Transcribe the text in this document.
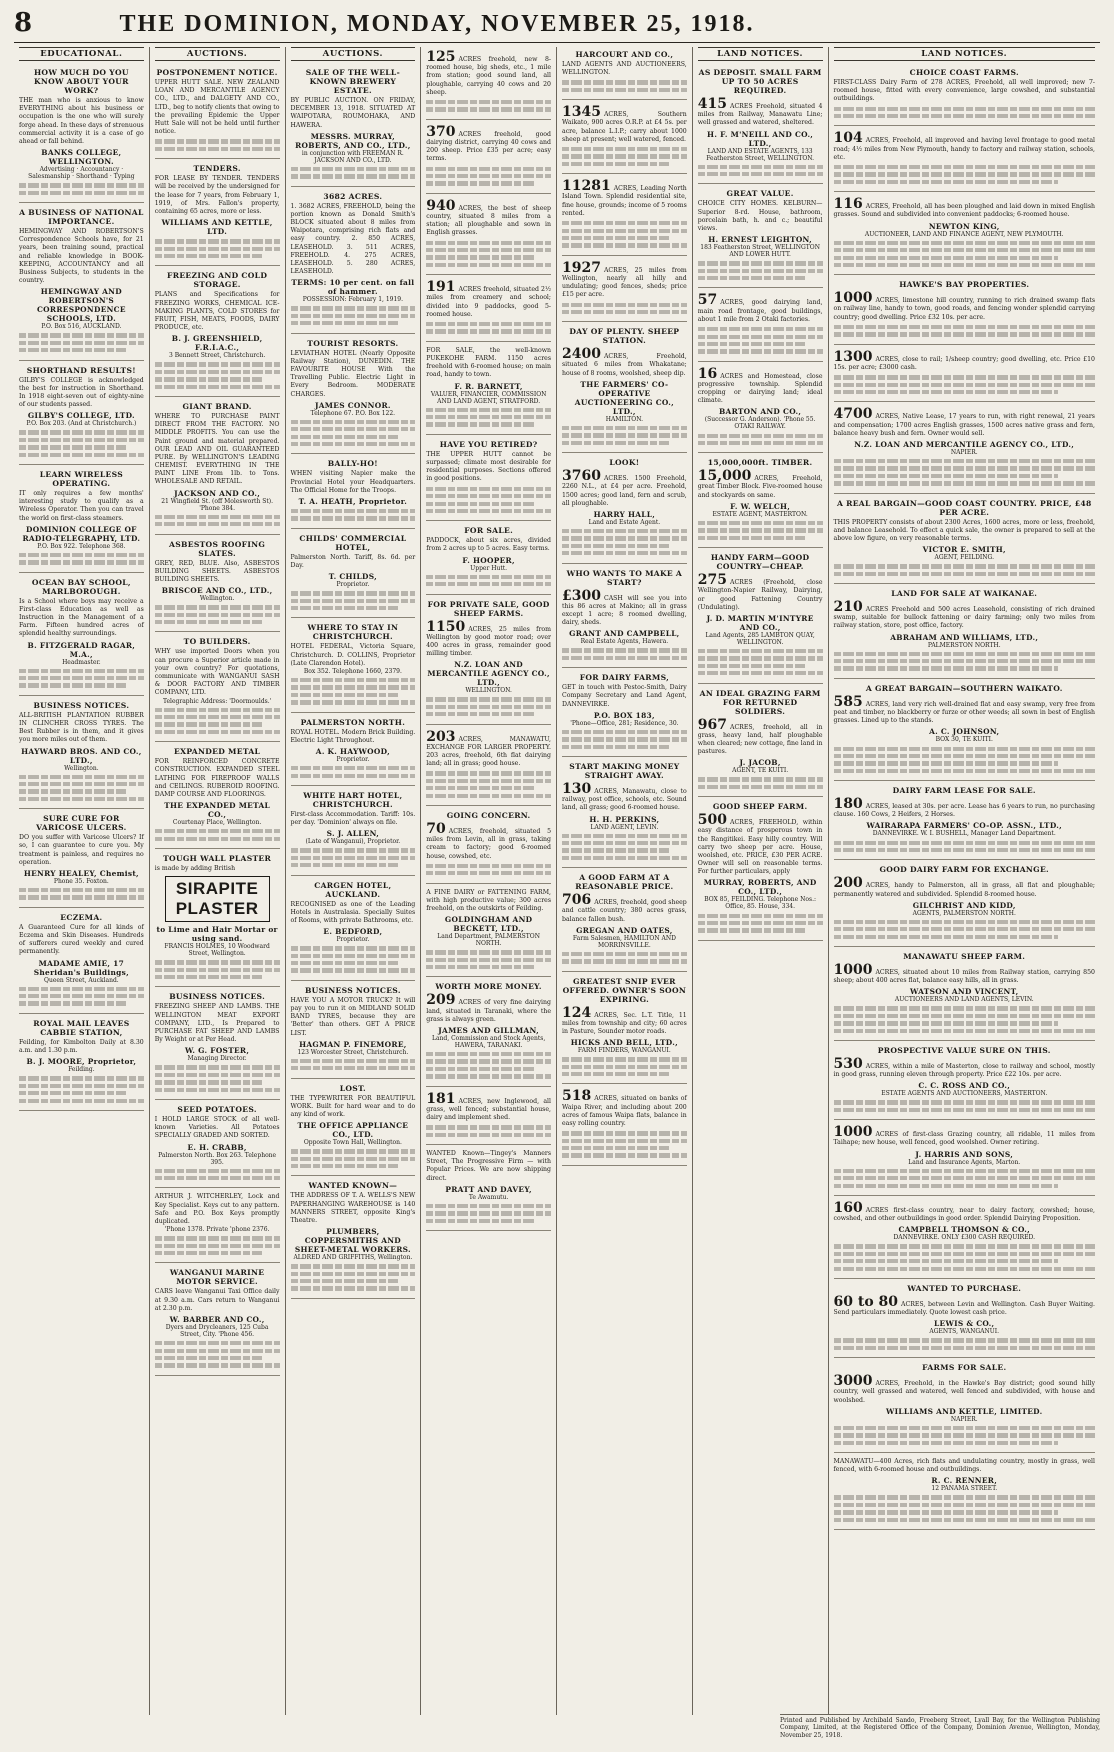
8	THE DOMINION, MONDAY, NOVEMBER 25, 1918.
EDUCATIONAL.
HOW MUCH DO YOU KNOW ABOUT YOUR WORK?

THE man who is anxious to know EVERYTHING about his business or occupation is the one who will surely forge ahead. In these days of strenuous commercial activity it is a case of go ahead or fall behind.

BANKS COLLEGE, WELLINGTON.
Advertising · Accountancy · Salesmanship · Shorthand · Typing
A BUSINESS OF NATIONAL IMPORTANCE.

HEMINGWAY AND ROBERTSON'S Correspondence Schools have, for 21 years, been training sound, practical and reliable knowledge in BOOK-KEEPING, ACCOUNTANCY and all Business Subjects, to students in the country.

HEMINGWAY AND ROBERTSON'S CORRESPONDENCE SCHOOLS, LTD.
P.O. Box 516, AUCKLAND.
SHORTHAND RESULTS!

GILBY'S COLLEGE is acknowledged the best for instruction in Shorthand. In 1918 eight-seven out of eighty-nine of our students passed.

GILBY'S COLLEGE, LTD.
P.O. Box 203. (And at Christchurch.)
LEARN WIRELESS OPERATING.

IT only requires a few months' interesting study to qualify as a Wireless Operator. Then you can travel the world on first-class steamers.

DOMINION COLLEGE OF RADIO-TELEGRAPHY, LTD.
P.O. Box 922. Telephone 368.
OCEAN BAY SCHOOL, MARLBOROUGH.

Is a School where boys may receive a First-class Education as well as Instruction in the Management of a Farm. Fifteen hundred acres of splendid healthy surroundings.

B. FITZGERALD RAGAR, M.A.,
Headmaster.
BUSINESS NOTICES.

ALL-BRITISH PLANTATION RUBBER IN CLINCHER CROSS TYRES. The Best Rubber is in them, and it gives you more miles out of them.

HAYWARD BROS. AND CO., LTD.,
Wellington.
SURE CURE FOR VARICOSE ULCERS.

DO you suffer with Varicose Ulcers? If so, I can guarantee to cure you. My treatment is painless, and requires no operation.

HENRY HEALEY, Chemist,
Phone 35. Foxton.
ECZEMA.

A Guaranteed Cure for all kinds of Eczema and Skin Diseases. Hundreds of sufferers cured weekly and cured permanently.

MADAME AMIE, 17 Sheridan's Buildings,
Queen Street, Auckland.
ROYAL MAIL LEAVES CABBIE STATION,

Feilding, for Kimbolton Daily at 8.30 a.m. and 1.30 p.m.

B. J. MOORE, Proprietor,
Feilding.
AUCTIONS.
POSTPONEMENT NOTICE.

UPPER HUTT SALE. NEW ZEALAND LOAN AND MERCANTILE AGENCY CO., LTD., and DALGETY AND CO., LTD., beg to notify clients that owing to the prevailing Epidemic the Upper Hutt Sale will not be held until further notice.

TENDERS.

FOR LEASE BY TENDER. TENDERS will be received by the undersigned for the lease for 7 years, from February 1, 1919, of Mrs. Fallon's property, containing 65 acres, more or less.

WILLIAMS AND KETTLE, LTD.
FREEZING AND COLD STORAGE.

PLANS and Specifications for FREEZING WORKS, CHEMICAL ICE-MAKING PLANTS, COLD STORES for FRUIT, FISH, MEATS, FOODS, DAIRY PRODUCE, etc.

B. J. GREENSHIELD, F.R.I.A.C.,
3 Bennett Street, Christchurch.
GIANT BRAND.

WHERE TO PURCHASE PAINT DIRECT FROM THE FACTORY. NO MIDDLE PROFITS. You can use the Paint ground and material prepared. OUR LEAD AND OIL GUARANTEED PURE. By WELLINGTON'S LEADING CHEMIST. EVERYTHING IN THE PAINT LINE From 1lb. to Tons. WHOLESALE AND RETAIL.

JACKSON AND CO.,
21 Wingfield St. (off Molesworth St). 'Phone 384.
ASBESTOS ROOFING SLATES.

GREY, RED, BLUE. Also, ASBESTOS BUILDING SHEETS. ASBESTOS BUILDING SHEETS.

BRISCOE AND CO., LTD.,
Wellington.
TO BUILDERS.

WHY use imported Doors when you can procure a Superior article made in your own country? For quotations, communicate with WANGANUI SASH & DOOR FACTORY AND TIMBER COMPANY, LTD.

Telegraphic Address: 'Doormoulds.'
EXPANDED METAL

FOR REINFORCED CONCRETE CONSTRUCTION. EXPANDED STEEL LATHING FOR FIREPROOF WALLS and CEILINGS. RUBEROID ROOFING. DAMP COURSE AND FLOORINGS.

THE EXPANDED METAL CO.,
Courtenay Place, Wellington.
TOUGH WALL PLASTER

is made by adding British

SIRAPITE PLASTER
to Lime and Hair Mortar or using sand.
FRANCIS HOLMES, 10 Woodward Street, Wellington.
BUSINESS NOTICES.

FREEZING SHEEP AND LAMBS. THE WELLINGTON MEAT EXPORT COMPANY, LTD., Is Prepared to PURCHASE FAT SHEEP AND LAMBS By Weight or at Per Head.

W. G. FOSTER,
Managing Director.
SEED POTATOES.

I HOLD LARGE STOCK of all well-known Varieties. All Potatoes SPECIALLY GRADED AND SORTED.

E. H. CRABB,
Palmerston North. Box 263. Telephone 395.

ARTHUR J. WITCHERLEY, Lock and Key Specialist. Keys cut to any pattern. Safe and P.O. Box Keys promptly duplicated.

'Phone 1378. Private 'phone 2376.
WANGANUI MARINE MOTOR SERVICE.

CARS leave Wanganui Taxi Office daily at 9.30 a.m. Cars return to Wanganui at 2.30 p.m.

W. BARBER AND CO.,
Dyers and Drycleaners, 125 Cuba Street, City. 'Phone 456.
AUCTIONS.
SALE OF THE WELL-KNOWN BREWERY ESTATE.

BY PUBLIC AUCTION. ON FRIDAY, DECEMBER 13, 1918. SITUATED AT WAIPOTARA, ROUMOHAKA, AND HAWERA.

MESSRS. MURRAY, ROBERTS, AND CO., LTD.,
in conjunction with FREEMAN R. JACKSON AND CO., LTD.
3682 ACRES.

1. 3682 ACRES, FREEHOLD, being the portion known as Donald Smith's BLOCK situated about 8 miles from Waipotara, comprising rich flats and easy country. 2. 850 ACRES, LEASEHOLD. 3. 511 ACRES, FREEHOLD. 4. 275 ACRES, LEASEHOLD. 5. 280 ACRES, LEASEHOLD.

TERMS: 10 per cent. on fall of hammer.
POSSESSION: February 1, 1919.
TOURIST RESORTS.

LEVIATHAN HOTEL (Nearly Opposite Railway Station), DUNEDIN. THE FAVOURITE HOUSE With the Travelling Public. Electric Light in Every Bedroom. MODERATE CHARGES.

JAMES CONNOR.
Telephone 67. P.O. Box 122.
BALLY-HO!

WHEN visiting Napier make the Provincial Hotel your Headquarters. The Official Home for the Troops.

T. A. HEATH, Proprietor.
CHILDS' COMMERCIAL HOTEL,

Palmerston North. Tariff, 8s. 6d. per Day.

T. CHILDS,
Proprietor.
WHERE TO STAY IN CHRISTCHURCH.

HOTEL FEDERAL, Victoria Square, Christchurch. D. COLLINS, Proprietor (Late Clarendon Hotel).

Box 352. Telephone 1660, 2379.
PALMERSTON NORTH.

ROYAL HOTEL. Modern Brick Building. Electric Light Throughout.

A. K. HAYWOOD,
Proprietor.
WHITE HART HOTEL, CHRISTCHURCH.

First-class Accommodation. Tariff: 10s. per day. 'Dominion' always on file.

S. J. ALLEN,
(Late of Wanganui), Proprietor.
CARGEN HOTEL, AUCKLAND.

RECOGNISED as one of the Leading Hotels in Australasia. Specially Suites of Rooms, with private Bathrooms, etc.

E. BEDFORD,
Proprietor.
BUSINESS NOTICES.

HAVE YOU A MOTOR TRUCK? It will pay you to run it on MIDLAND SOLID BAND TYRES, because they are 'Better' than others. GET A PRICE LIST.

HAGMAN P. FINEMORE,
123 Worcester Street, Christchurch.
LOST.

THE TYPEWRITER FOR BEAUTIFUL WORK. Built for hard wear and to do any kind of work.

THE OFFICE APPLIANCE CO., LTD.
Opposite Town Hall, Wellington.
WANTED KNOWN—

THE ADDRESS OF T. A. WELLS'S NEW PAPERHANGING WAREHOUSE is 140 MANNERS STREET, opposite King's Theatre.

PLUMBERS, COPPERSMITHS AND SHEET-METAL WORKERS.
ALDRED AND GRIFFITHS, Wellington.

125 ACRES freehold, new 8-roomed house, big sheds, etc., 1 mile from station; good sound land, all ploughable, carrying 40 cows and 20 sheep.

370 ACRES freehold, good dairying district, carrying 40 cows and 200 sheep. Price £35 per acre; easy terms.

940 ACRES, the best of sheep country, situated 8 miles from a station; all ploughable and sown in English grasses.

191 ACRES freehold, situated 2½ miles from creamery and school; divided into 9 paddocks, good 5-roomed house.

FOR SALE, the well-known PUKEKOHE FARM. 1150 acres freehold with 6-roomed house; on main road, handy to town.

F. R. BARNETT,
VALUER, FINANCIER, COMMISSION AND LAND AGENT, STRATFORD.
HAVE YOU RETIRED?

THE UPPER HUTT cannot be surpassed; climate most desirable for residential purposes. Sections offered in good positions.

FOR SALE.

PADDOCK, about six acres, divided from 2 acres up to 5 acres. Easy terms.

F. HOOPER,
Upper Hutt.
FOR PRIVATE SALE, GOOD SHEEP FARMS.

1150 ACRES, 25 miles from Wellington by good motor road; over 400 acres in grass, remainder good milling timber.

N.Z. LOAN AND MERCANTILE AGENCY CO., LTD.,
WELLINGTON.

203 ACRES, MANAWATU, EXCHANGE FOR LARGER PROPERTY. 203 acres, freehold, 6th flat dairying land; all in grass; good house.

GOING CONCERN.

70 ACRES, freehold, situated 5 miles from Levin, all in grass, taking cream to factory; good 6-roomed house, cowshed, etc.

A FINE DAIRY or FATTENING FARM, with high productive value; 300 acres freehold, on the outskirts of Feilding.

GOLDINGHAM AND BECKETT, LTD.,
Land Department, PALMERSTON NORTH.
WORTH MORE MONEY.

209 ACRES of very fine dairying land, situated in Taranaki, where the grass is always green.

JAMES AND GILLMAN,
Land, Commission and Stock Agents, HAWERA, TARANAKI.

181 ACRES, new Inglewood, all grass, well fenced; substantial house, dairy and implement shed.

WANTED Known—Tingey's Manners Street, The Progressive Firm — with Popular Prices. We are now shipping direct.

PRATT AND DAVEY,
Te Awamutu.
HARCOURT AND CO.,

LAND AGENTS AND AUCTIONEERS, WELLINGTON.

1345 ACRES, Southern Waikato, 900 acres O.R.P. at £4 5s. per acre, balance L.I.P.; carry about 1000 sheep at present; well watered, fenced.

11281 ACRES, Leading North Island Town. Splendid residential site, fine house, grounds; income of 5 rooms rented.

1927 ACRES, 25 miles from Wellington, nearly all hilly and undulating; good fences, sheds; price £15 per acre.

DAY OF PLENTY. SHEEP STATION.

2400 ACRES, Freehold, situated 6 miles from Whakatane; house of 8 rooms, woolshed, sheep dip.

THE FARMERS' CO-OPERATIVE AUCTIONEERING CO., LTD.,
HAMILTON.
LOOK!

3760 ACRES. 1500 Freehold, 2260 N.L., at £4 per acre. Freehold, 1500 acres; good land, fern and scrub, all ploughable.

HARRY HALL,
Land and Estate Agent.
WHO WANTS TO MAKE A START?

£300 CASH will see you into this 86 acres at Makino; all in grass except 1 acre; 8 roomed dwelling, dairy, sheds.

GRANT AND CAMPBELL,
Real Estate Agents, Hawera.
FOR DAIRY FARMS,

GET in touch with Pestoc-Smith, Dairy Company Secretary and Land Agent, DANNEVIRKE.

P.O. BOX 183,
'Phone—Office, 281; Residence, 30.
START MAKING MONEY STRAIGHT AWAY.

130 ACRES, Manawatu, close to railway, post office, schools, etc. Sound land, all grass; good 6-roomed house.

H. H. PERKINS,
LAND AGENT, LEVIN.
A GOOD FARM AT A REASONABLE PRICE.

706 ACRES, freehold, good sheep and cattle country; 380 acres grass, balance fallen bush.

GREGAN AND OATES,
Farm Salesmen, HAMILTON AND MORRINSVILLE.
GREATEST SNIP EVER OFFERED. OWNER'S SOON EXPIRING.

124 ACRES, Sec. L.T. Title, 11 miles from township and city; 60 acres in Pasture, Sounder motor roads.

HICKS AND BELL, LTD.,
FARM FINDERS, WANGANUI.

518 ACRES, situated on banks of Waipa River, and including about 200 acres of famous Waipa flats, balance in easy rolling country.

LAND NOTICES.
AS DEPOSIT. SMALL FARM UP TO 50 ACRES REQUIRED.

415 ACRES Freehold, situated 4 miles from Railway, Manawatu Line; well grassed and watered, sheltered.

H. F. M'NEILL AND CO., LTD.,
LAND AND ESTATE AGENTS, 133 Featherston Street, WELLINGTON.
GREAT VALUE.

CHOICE CITY HOMES. KELBURN—Superior 8-rd. House, bathroom, porcelain bath, h. and c.; beautiful views.

H. ERNEST LEIGHTON,
183 Featherston Street, WELLINGTON AND LOWER HUTT.

57 ACRES, good dairying land, main road frontage, good buildings, about 1 mile from 2 Otaki factories.

16 ACRES and Homestead, close progressive township. Splendid cropping or dairying land; ideal climate.

BARTON AND CO.,
(Successor G. Anderson). 'Phone 55. OTAKI RAILWAY.
15,000,000ft. TIMBER.

15,000 ACRES, Freehold, great Timber Block. Five-roomed house and stockyards on same.

F. W. WELCH,
ESTATE AGENT, MASTERTON.
HANDY FARM—GOOD COUNTRY—CHEAP.

275 ACRES (Freehold, close Wellington-Napier Railway, Dairying, or good Fattening Country (Undulating).

J. D. MARTIN M'INTYRE AND CO.,
Land Agents, 285 LAMBTON QUAY, WELLINGTON.
AN IDEAL GRAZING FARM FOR RETURNED SOLDIERS.

967 ACRES, freehold, all in grass, heavy land, half ploughable when cleared; new cottage, fine land in pastures.

J. JACOB,
AGENT, TE KUITI.
GOOD SHEEP FARM.

500 ACRES, FREEHOLD, within easy distance of prosperous town in the Rangitikei. Easy hilly country. Will carry two sheep per acre. House, woolshed, etc. PRICE, £30 PER ACRE. Owner will sell on reasonable terms. For further particulars, apply

MURRAY, ROBERTS, AND CO., LTD.,
BOX 85, FEILDING. Telephone Nos.: Office, 85. House, 334.
LAND NOTICES.
CHOICE COAST FARMS.

FIRST-CLASS Dairy Farm of 278 ACRES, Freehold, all well improved; new 7-roomed house, fitted with every convenience, large cowshed, and substantial outbuildings.

104 ACRES, Freehold, all improved and having level frontage to good metal road; 4½ miles from New Plymouth, handy to factory and railway station, schools, etc.

116 ACRES, Freehold, all has been ploughed and laid down in mixed English grasses. Sound and subdivided into convenient paddocks; 6-roomed house.

NEWTON KING,
AUCTIONEER, LAND AND FINANCE AGENT, NEW PLYMOUTH.
HAWKE'S BAY PROPERTIES.

1000 ACRES, limestone hill country, running to rich drained swamp flats on railway line, handy to town, good roads, and fencing wonder splendid carrying country; good dwelling. Price £32 10s. per acre.

1300 ACRES, close to rail; 1/sheep country; good dwelling, etc. Price £10 15s. per acre; £3000 cash.

4700 ACRES, Native Lease, 17 years to run, with right renewal, 21 years and compensation; 1700 acres English grasses, 1500 acres native grass and fern, balance heavy bush and fern. Owner would sell.

N.Z. LOAN AND MERCANTILE AGENCY CO., LTD.,
NAPIER.
A REAL BARGAIN—GOOD COAST COUNTRY. PRICE, £48 PER ACRE.

THIS PROPERTY consists of about 2300 Acres, 1600 acres, more or less, freehold, and balance Leasehold. To effect a quick sale, the owner is prepared to sell at the above low figure, on very reasonable terms.

VICTOR E. SMITH,
AGENT, FEILDING.
LAND FOR SALE AT WAIKANAE.

210 ACRES Freehold and 500 acres Leasehold, consisting of rich drained swamp, suitable for bullock fattening or dairy farming; only two miles from railway station, store, post office, factory.

ABRAHAM AND WILLIAMS, LTD.,
PALMERSTON NORTH.
A GREAT BARGAIN—SOUTHERN WAIKATO.

585 ACRES, land very rich well-drained flat and easy swamp, very free from peat and timber, no blackberry or furze or other weeds; all sown in best of English grasses. Lined up to the stands.

A. C. JOHNSON,
BOX 30, TE KUITI.
DAIRY FARM LEASE FOR SALE.

180 ACRES, leased at 30s. per acre. Lease has 6 years to run, no purchasing clause. 160 Cows, 2 Heifers, 2 Horses.

WAIRARAPA FARMERS' CO-OP. ASSN., LTD.,
DANNEVIRKE. W. I. BUSHELL, Manager Land Department.
GOOD DAIRY FARM FOR EXCHANGE.

200 ACRES, handy to Palmerston, all in grass, all flat and ploughable; permanently watered and subdivided. Splendid 8-roomed house.

GILCHRIST AND KIDD,
AGENTS, PALMERSTON NORTH.
MANAWATU SHEEP FARM.

1000 ACRES, situated about 10 miles from Railway station, carrying 850 sheep; about 400 acres flat, balance easy hills, all in grass.

WATSON AND VINCENT,
AUCTIONEERS AND LAND AGENTS, LEVIN.
PROSPECTIVE VALUE SURE ON THIS.

530 ACRES, within a mile of Masterton, close to railway and school, mostly in good grass, running eleven through property. Price £22 10s. per acre.

C. C. ROSS AND CO.,
ESTATE AGENTS AND AUCTIONEERS, MASTERTON.

1000 ACRES of first-class Grazing country, all ridable, 11 miles from Taihape; new house, well fenced, good woolshed. Owner retiring.

J. HARRIS AND SONS,
Land and Insurance Agents, Marton.

160 ACRES first-class country, near to dairy factory, cowshed; house, cowshed, and other outbuildings in good order. Splendid Dairying Proposition.

CAMPBELL THOMSON & CO.,
DANNEVIRKE. ONLY £300 CASH REQUIRED.
WANTED TO PURCHASE.

60 to 80 ACRES, between Levin and Wellington. Cash Buyer Waiting. Send particulars immediately. Quote lowest cash price.

LEWIS & CO.,
AGENTS, WANGANUI.
FARMS FOR SALE.

3000 ACRES, Freehold, in the Hawke's Bay district; good sound hilly country, well grassed and watered, well fenced and subdivided, with house and woolshed.

WILLIAMS AND KETTLE, LIMITED.
NAPIER.

MANAWATU—400 Acres, rich flats and undulating country, mostly in grass, well fenced, with 6-roomed house and outbuildings.

R. C. RENNER,
12 PANAMA STREET.
Printed and Published by Archibald Sando, Freeberg Street, Lyall Bay, for the Wellington Publishing Company, Limited, at the Registered Office of the Company, Dominion Avenue, Wellington, Monday, November 25, 1918.
